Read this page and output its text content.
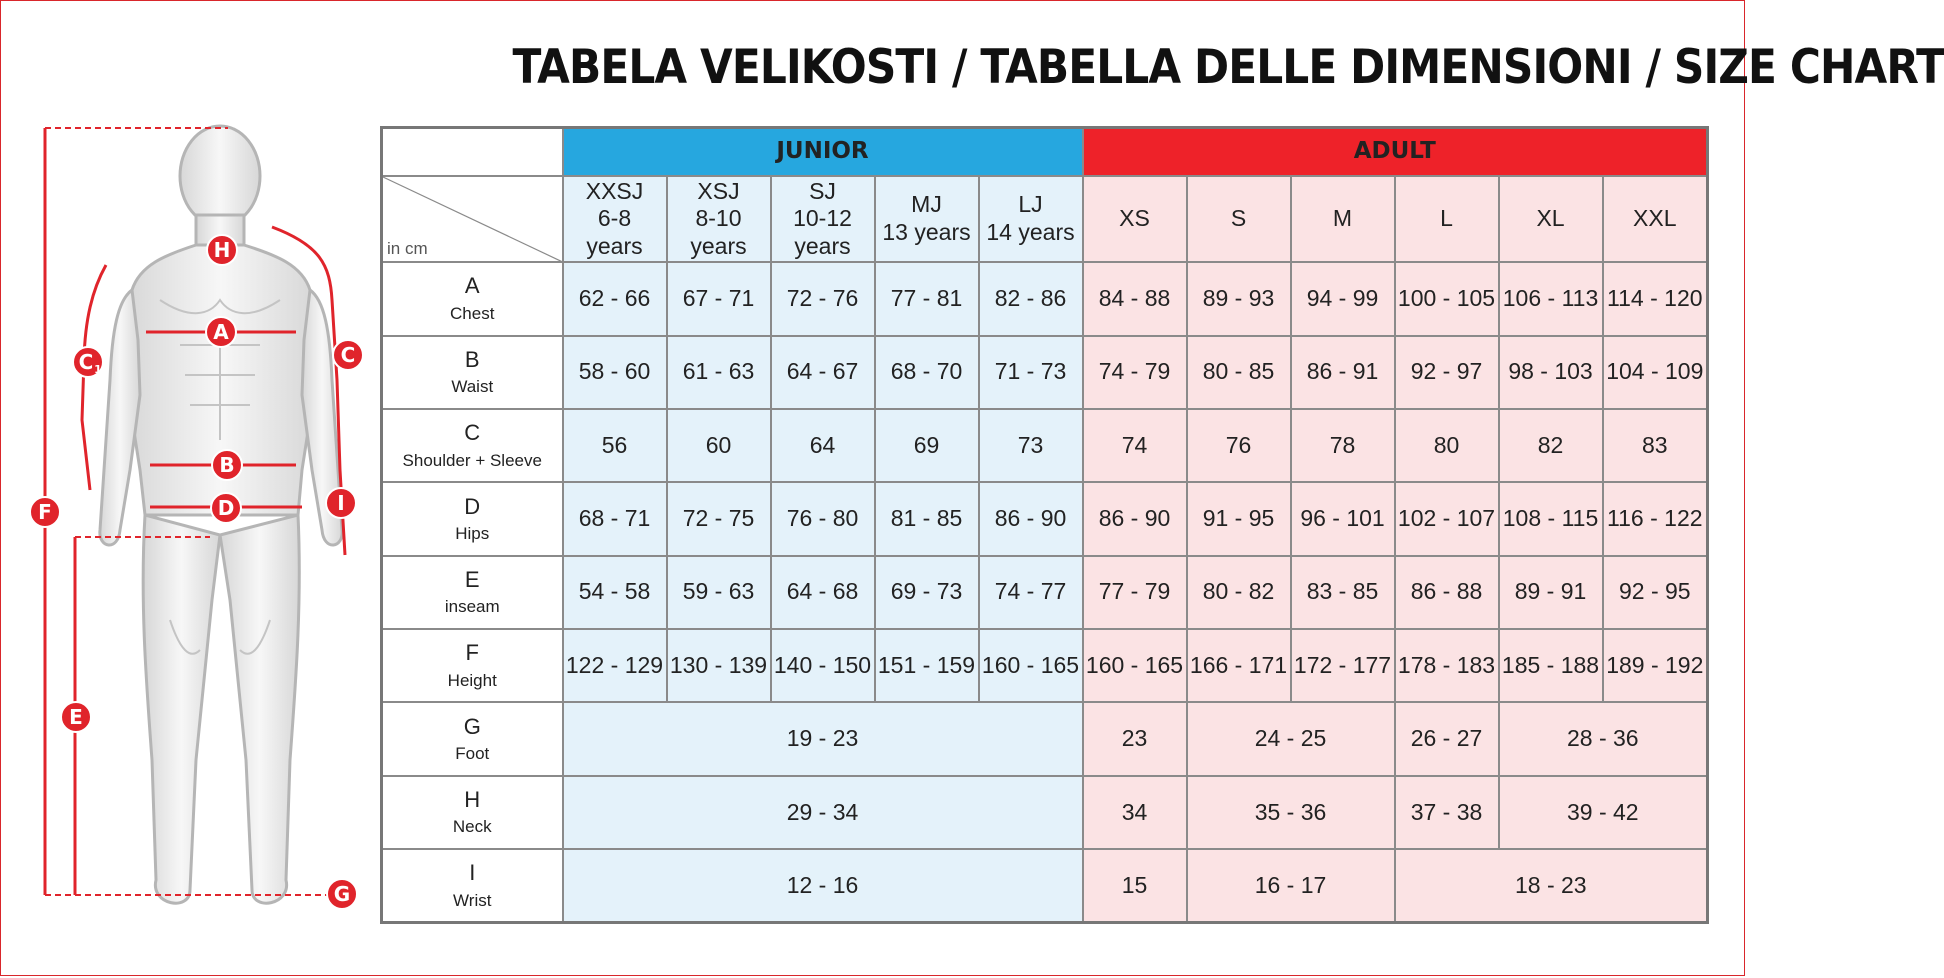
TABELA VELIKOSTI / TABELLA DELLE DIMENSIONI / SIZE CHART
H
A
C
C 1
B
D	I
F
E
G
	JUNIOR					ADULT					

in cm	XXSJ
6-8
years	XSJ
8-10
years	SJ
10-12
years	MJ
13 years	LJ
14 years	XS	S	M	L	XL	XXL

A
Chest	62 - 66	67 - 71	72 - 76	77 - 81	82 - 86	84 - 88	89 - 93	94 - 99	100 - 105	106 - 113	114 - 120

B
Waist	58 - 60	61 - 63	64 - 67	68 - 70	71 - 73	74 - 79	80 - 85	86 - 91	92 - 97	98 - 103	104 - 109

C
Shoulder + Sleeve	56	60	64	69	73	74	76	78	80	82	83

D
Hips	68 - 71	72 - 75	76 - 80	81 - 85	86 - 90	86 - 90	91 - 95	96 - 101	102 - 107	108 - 115	116 - 122

E
inseam	54 - 58	59 - 63	64 - 68	69 - 73	74 - 77	77 - 79	80 - 82	83 - 85	86 - 88	89 - 91	92 - 95

F
Height	122 - 129	130 - 139	140 - 150	151 - 159	160 - 165	160 - 165	166 - 171	172 - 177	178 - 183	185 - 188	189 - 192

G
Foot	19 - 23					23	24 - 25		26 - 27	28 - 36	

H
Neck	29 - 34					34	35 - 36		37 - 38	39 - 42	

I
Wrist	12 - 16					15	16 - 17		18 - 23		
